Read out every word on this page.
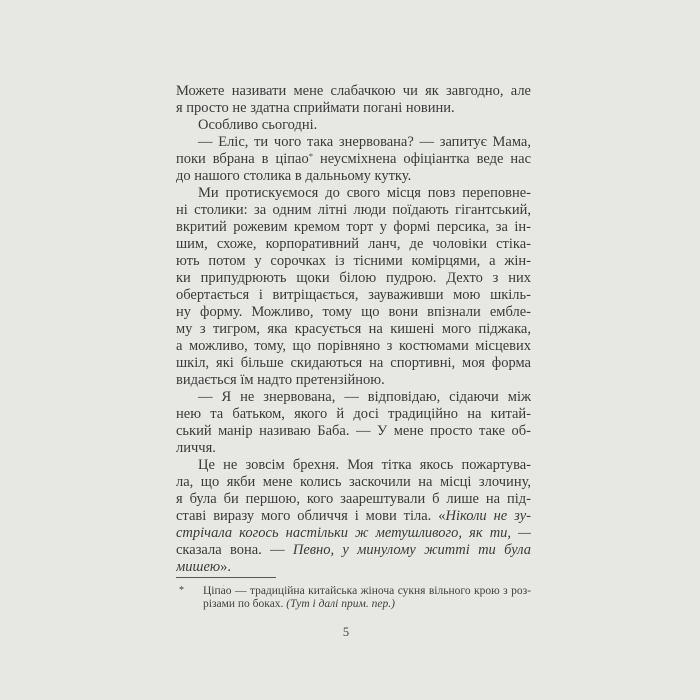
Можете називати мене слабачкою чи як завгодно, але
я просто не здатна сприймати погані новини.
Особливо сьогодні.
— Еліс, ти чого така знервована? — запитує Мама,
поки вбрана в ціпао* неусміхнена офіціантка веде нас
до нашого столика в дальньому кутку.
Ми протискуємося до свого місця повз переповне-
ні столики: за одним літні люди поїдають гігантський,
вкритий рожевим кремом торт у формі персика, за ін-
шим, схоже, корпоративний ланч, де чоловіки стіка-
ють потом у сорочках із тісними комірцями, а жін-
ки припудрюють щоки білою пудрою. Дехто з них
обертається і витріщається, зауваживши мою шкіль-
ну форму. Можливо, тому що вони впізнали ембле-
му з тигром, яка красується на кишені мого піджака,
а можливо, тому, що порівняно з костюмами місцевих
шкіл, які більше скидаються на спортивні, моя форма
видається їм надто претензійною.
— Я не знервована, — відповідаю, сідаючи між
нею та батьком, якого й досі традиційно на китай-
ський манір називаю Баба. — У мене просто таке об-
личчя.
Це не зовсім брехня. Моя тітка якось пожартува-
ла, що якби мене колись заскочили на місці злочину,
я була би першою, кого заарештували б лише на під-
ставі виразу мого обличчя і мови тіла. «Ніколи не зу-
стрічала когось настільки ж метушливого, як ти, —
сказала вона. — Певно, у минулому житті ти була
мишею».
* Ціпа́о — традиційна китайська жіноча сукня вільного крою з роз-
різами по боках. (Тут і далі прим. пер.)
5
